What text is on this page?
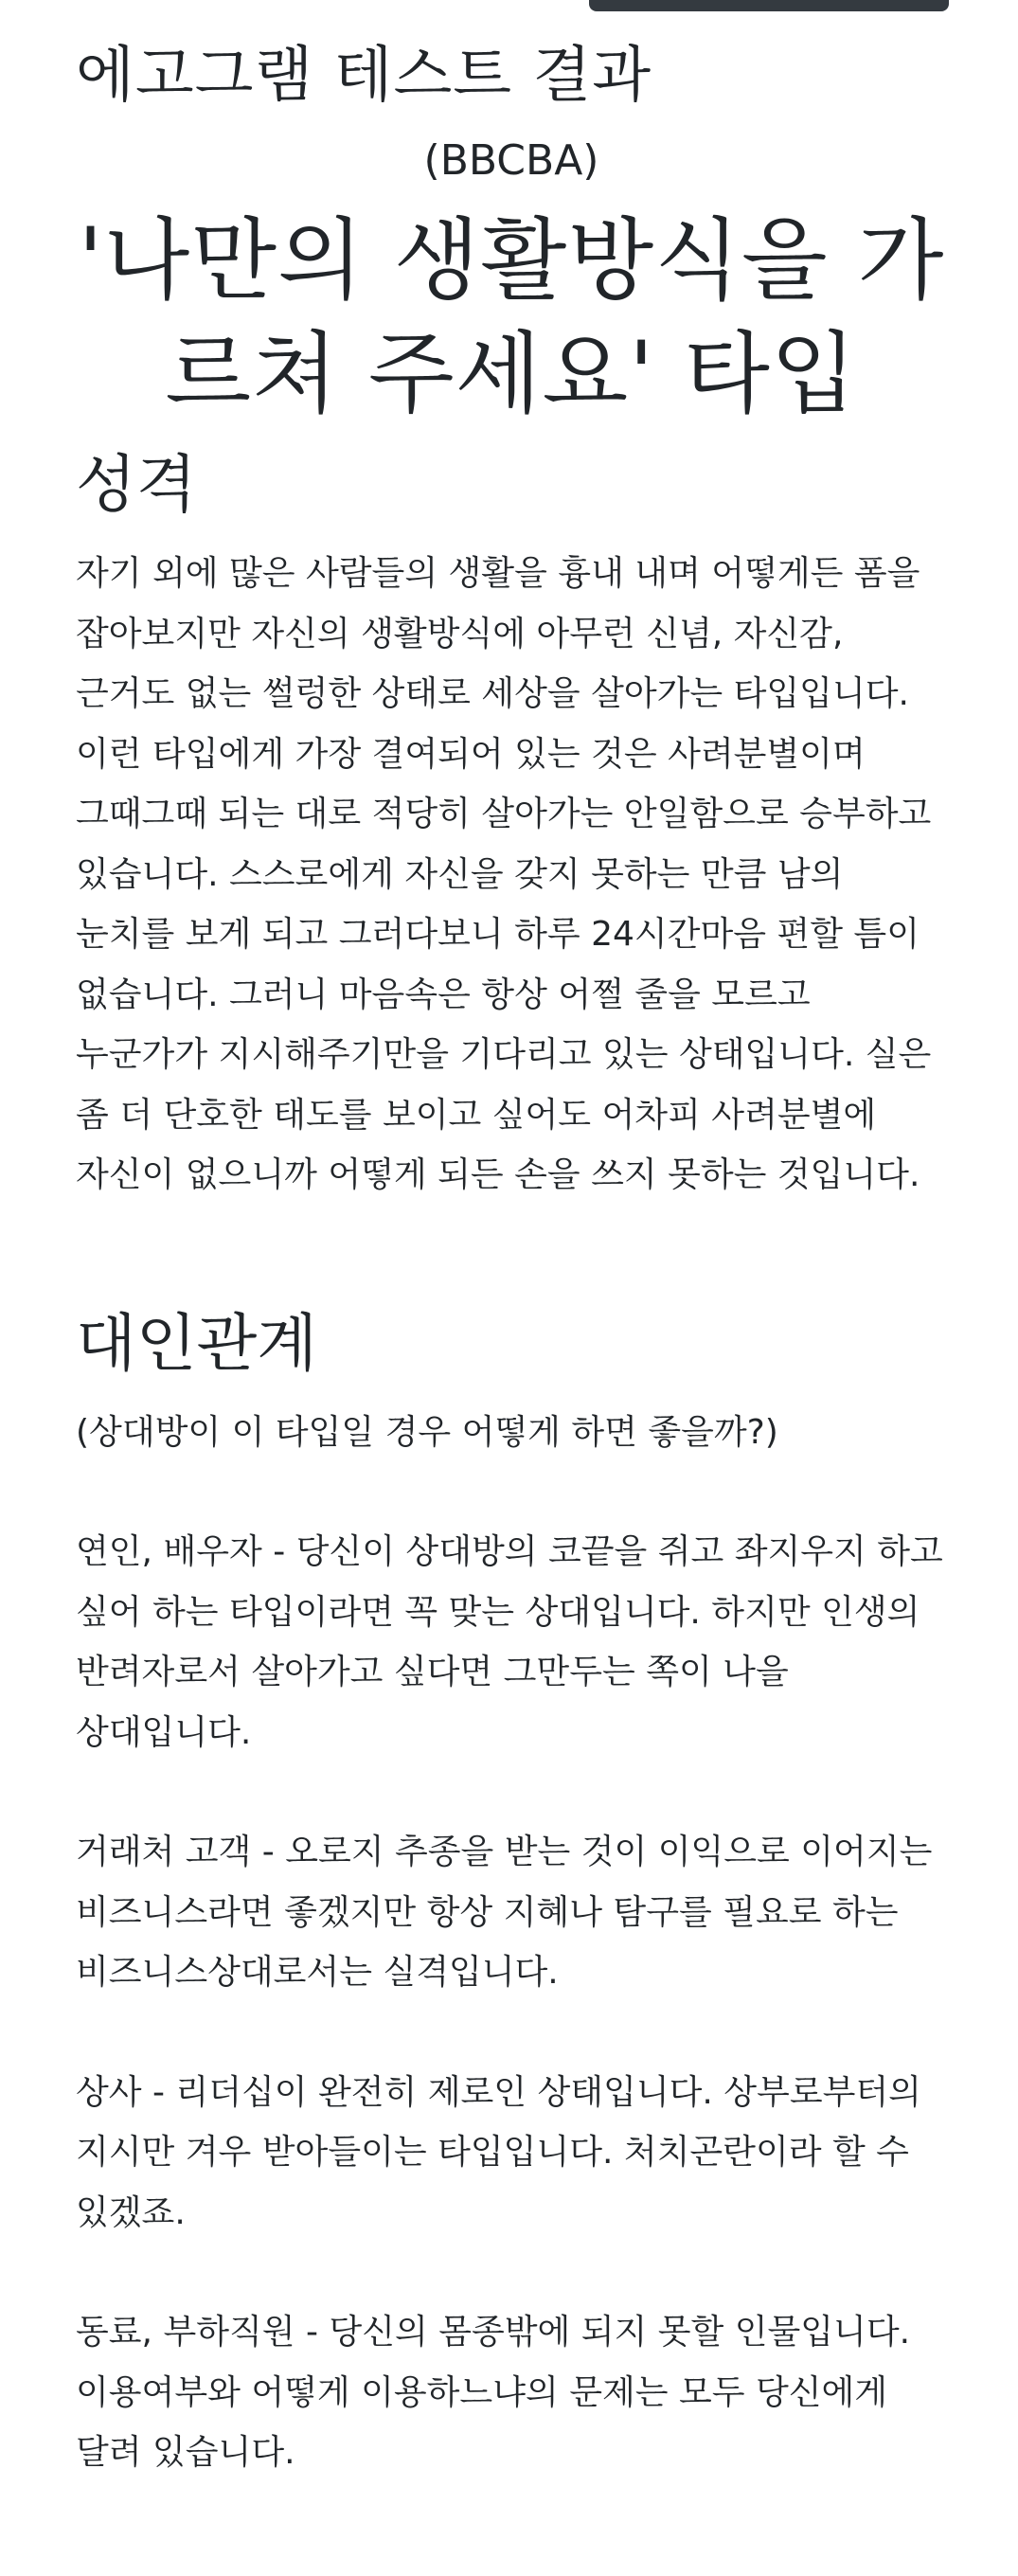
에고그램 테스트 결과

(BBCBA)

'나만의 생활방식을 가르쳐 주세요' 타입
성격

자기 외에 많은 사람들의 생활을 흉내 내며 어떻게든 폼을 잡아보지만 자신의 생활방식에 아무런 신념, 자신감, 근거도 없는 썰렁한 상태로 세상을 살아가는 타입입니다. 이런 타입에게 가장 결여되어 있는 것은 사려분별이며 그때그때 되는 대로 적당히 살아가는 안일함으로 승부하고 있습니다. 스스로에게 자신을 갖지 못하는 만큼 남의 눈치를 보게 되고 그러다보니 하루 24시간마음 편할 틈이 없습니다. 그러니 마음속은 항상 어쩔 줄을 모르고 누군가가 지시해주기만을 기다리고 있는 상태입니다. 실은 좀 더 단호한 태도를 보이고 싶어도 어차피 사려분별에 자신이 없으니까 어떻게 되든 손을 쓰지 못하는 것입니다.

대인관계

(상대방이 이 타입일 경우 어떻게 하면 좋을까?)

연인, 배우자 - 당신이 상대방의 코끝을 쥐고 좌지우지 하고 싶어 하는 타입이라면 꼭 맞는 상대입니다. 하지만 인생의 반려자로서 살아가고 싶다면 그만두는 쪽이 나을 상대입니다.

거래처 고객 - 오로지 추종을 받는 것이 이익으로 이어지는 비즈니스라면 좋겠지만 항상 지혜나 탐구를 필요로 하는 비즈니스상대로서는 실격입니다.

상사 - 리더십이 완전히 제로인 상태입니다. 상부로부터의 지시만 겨우 받아들이는 타입입니다. 처치곤란이라 할 수 있겠죠.

동료, 부하직원 - 당신의 몸종밖에 되지 못할 인물입니다. 이용여부와 어떻게 이용하느냐의 문제는 모두 당신에게 달려 있습니다.
